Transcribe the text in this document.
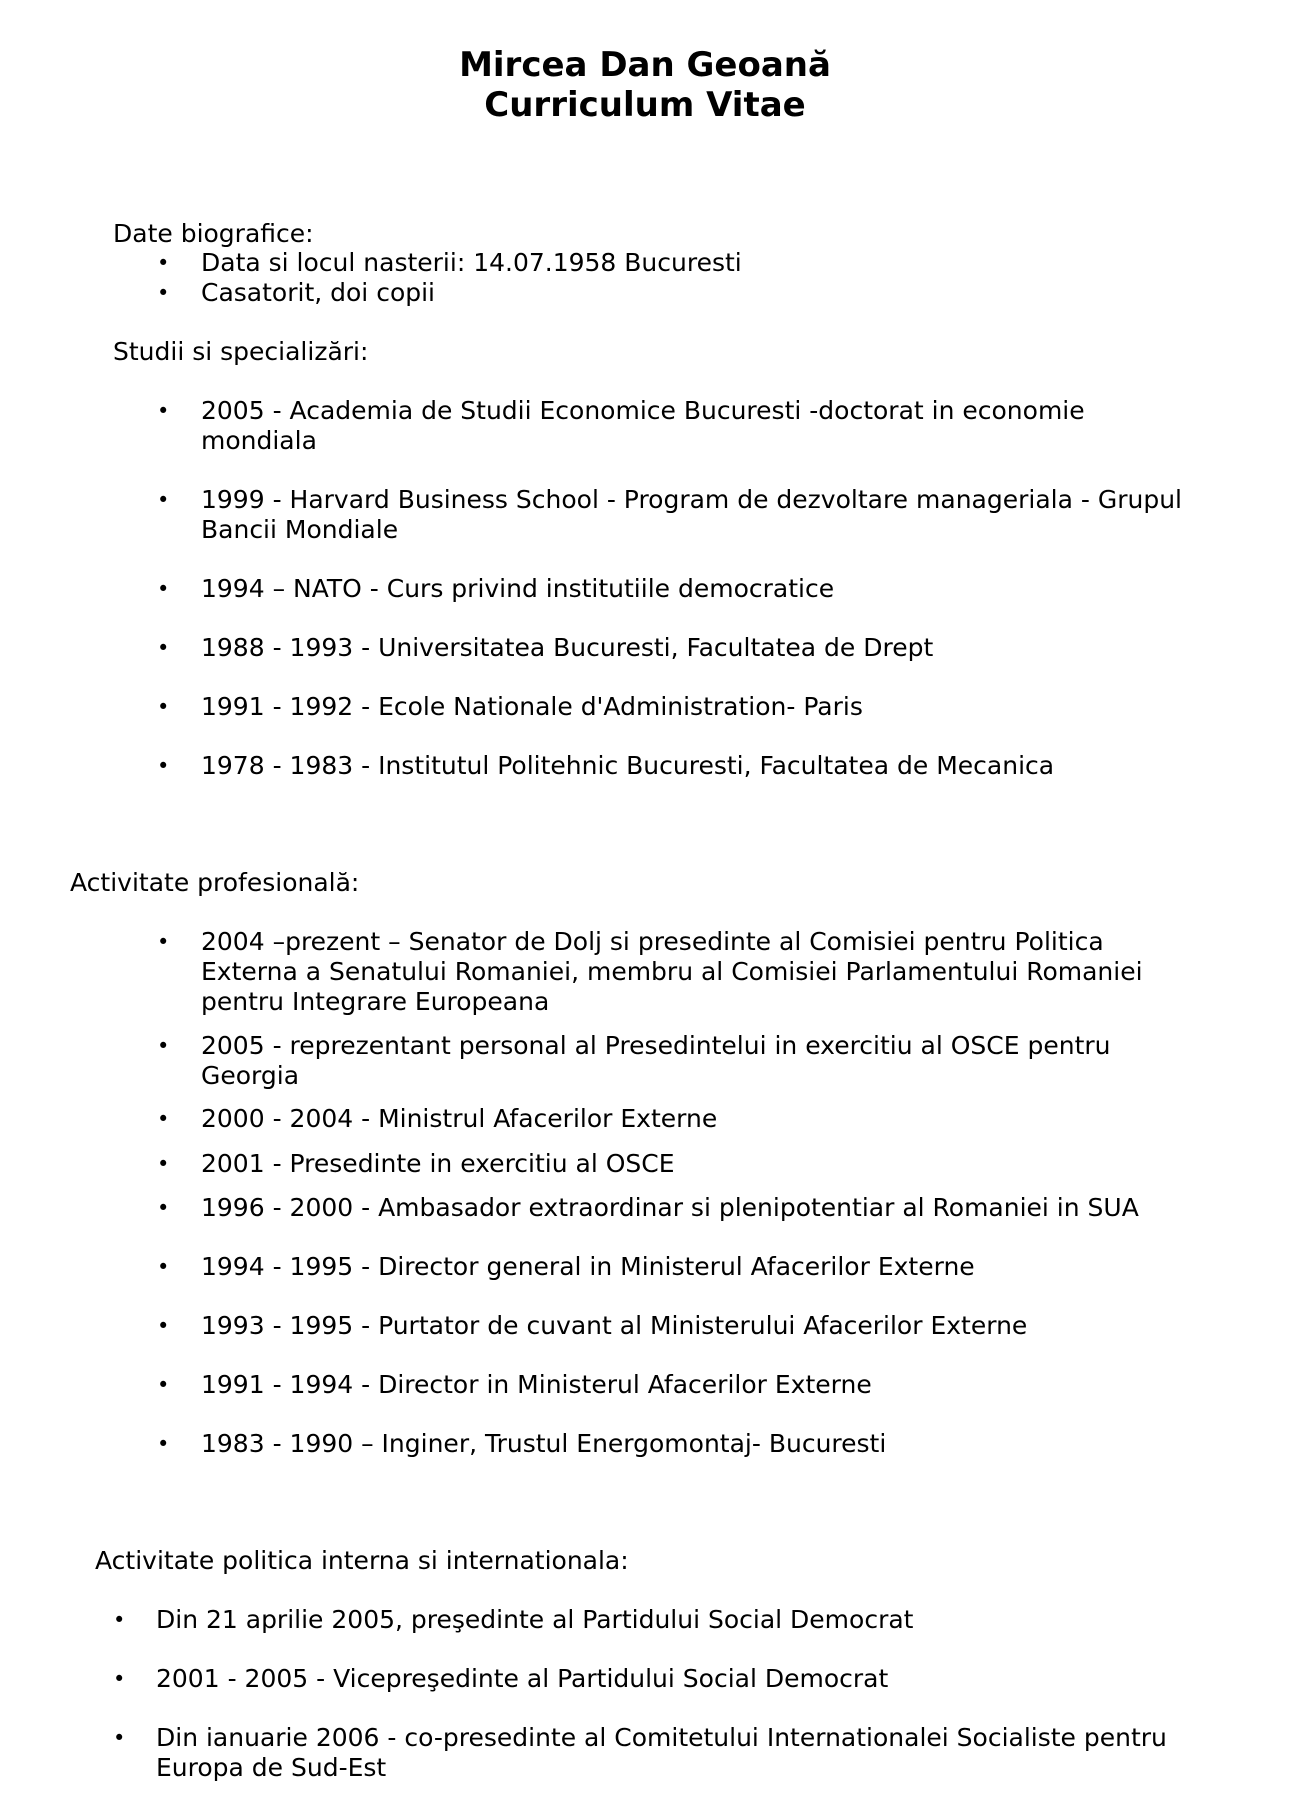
Mircea Dan Geoană
Curriculum Vitae
Date biografice:
• Data si locul nasterii: 14.07.1958 Bucuresti
• Casatorit, doi copii
Studii si specializări:
• 2005 - Academia de Studii Economice Bucuresti -doctorat in economie mondiala
• 1999 - Harvard Business School - Program de dezvoltare manageriala - Grupul Bancii Mondiale
• 1994 – NATO - Curs privind institutiile democratice
• 1988 - 1993 - Universitatea Bucuresti, Facultatea de Drept
• 1991 - 1992 - Ecole Nationale d'Administration- Paris
• 1978 - 1983 - Institutul Politehnic Bucuresti, Facultatea de Mecanica
Activitate profesională:
• 2004 –prezent – Senator de Dolj si presedinte al Comisiei pentru Politica Externa a Senatului Romaniei, membru al Comisiei Parlamentului Romaniei pentru Integrare Europeana
• 2005 - reprezentant personal al Presedintelui in exercitiu al OSCE pentru Georgia
• 2000 - 2004 - Ministrul Afacerilor Externe
• 2001 - Presedinte in exercitiu al OSCE
• 1996 - 2000 - Ambasador extraordinar si plenipotentiar al Romaniei in SUA
• 1994 - 1995 - Director general in Ministerul Afacerilor Externe
• 1993 - 1995 - Purtator de cuvant al Ministerului Afacerilor Externe
• 1991 - 1994 - Director in Ministerul Afacerilor Externe
• 1983 - 1990 – Inginer, Trustul Energomontaj- Bucuresti
Activitate politica interna si internationala:
• Din 21 aprilie 2005, preşedinte al Partidului Social Democrat
• 2001 - 2005 - Vicepreşedinte al Partidului Social Democrat
• Din ianuarie 2006 - co-presedinte al Comitetului Internationalei Socialiste pentru Europa de Sud-Est
